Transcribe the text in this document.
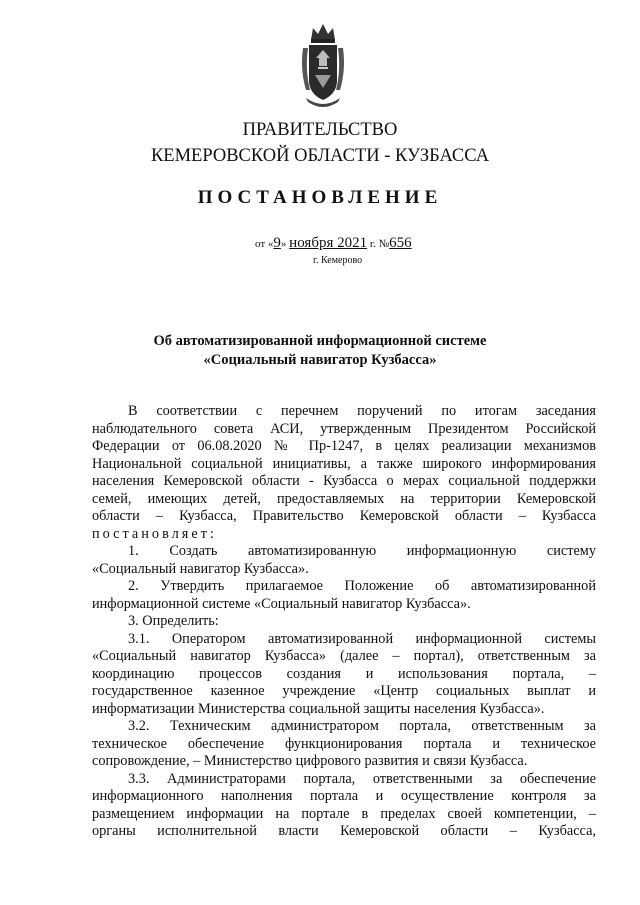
ПРАВИТЕЛЬСТВО
КЕМЕРОВСКОЙ ОБЛАСТИ - КУЗБАССА
ПОСТАНОВЛЕНИЕ
от «9» ноября 2021 г. №656
г. Кемерово
Об автоматизированной информационной системе
«Социальный навигатор Кузбасса»
В соответствии с перечнем поручений по итогам заседания
наблюдательного совета АСИ, утвержденным Президентом Российской
Федерации от 06.08.2020 № Пр-1247, в целях реализации механизмов
Национальной социальной инициативы, а также широкого информирования
населения Кемеровской области - Кузбасса о мерах социальной поддержки
семей, имеющих детей, предоставляемых на территории Кемеровской
области – Кузбасса, Правительство Кемеровской области – Кузбасса
постановляет:
1. Создать автоматизированную информационную систему
«Социальный навигатор Кузбасса».
2. Утвердить прилагаемое Положение об автоматизированной
информационной системе «Социальный навигатор Кузбасса».
3. Определить:
3.1. Оператором автоматизированной информационной системы
«Социальный навигатор Кузбасса» (далее – портал), ответственным за
координацию процессов создания и использования портала, –
государственное казенное учреждение «Центр социальных выплат и
информатизации Министерства социальной защиты населения Кузбасса».
3.2. Техническим администратором портала, ответственным за
техническое обеспечение функционирования портала и техническое
сопровождение, – Министерство цифрового развития и связи Кузбасса.
3.3. Администраторами портала, ответственными за обеспечение
информационного наполнения портала и осуществление контроля за
размещением информации на портале в пределах своей компетенции, –
органы исполнительной власти Кемеровской области – Кузбасса,
